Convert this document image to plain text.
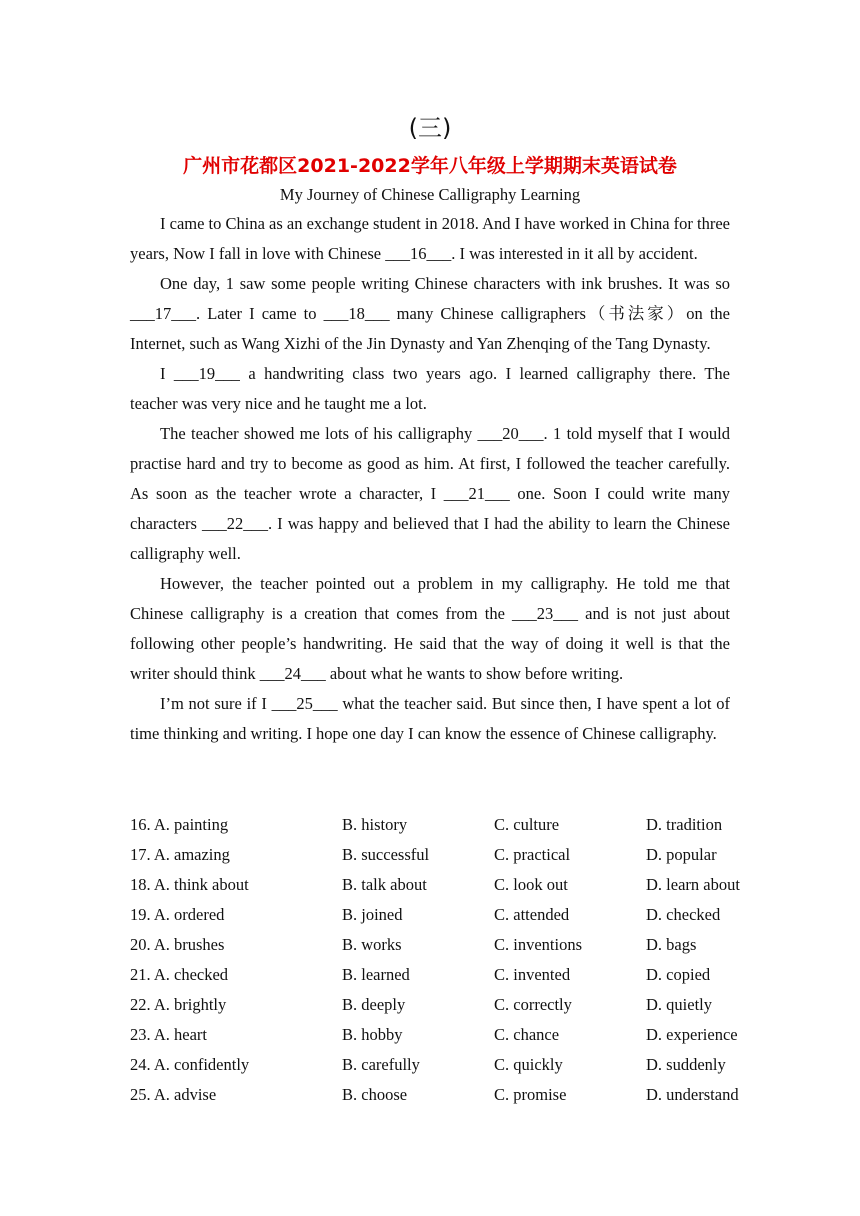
(三)
广州市花都区2021-2022学年八年级上学期期末英语试卷
My Journey of Chinese Calligraphy Learning

I came to China as an exchange student in 2018. And I have worked in China for three years, Now I fall in love with Chinese ___16___. I was interested in it all by accident.

One day, 1 saw some people writing Chinese characters with ink brushes. It was so ___17___. Later I came to ___18___ many Chinese calligraphers（书法家）on the Internet, such as Wang Xizhi of the Jin Dynasty and Yan Zhenqing of the Tang Dynasty.

I ___19___ a handwriting class two years ago. I learned calligraphy there. The teacher was very nice and he taught me a lot.

The teacher showed me lots of his calligraphy ___20___. 1 told myself that I would practise hard and try to become as good as him. At first, I followed the teacher carefully. As soon as the teacher wrote a character, I ___21___ one. Soon I could write many characters ___22___. I was happy and believed that I had the ability to learn the Chinese calligraphy well.

However, the teacher pointed out a problem in my calligraphy. He told me that Chinese calligraphy is a creation that comes from the ___23___ and is not just about following other people’s handwriting. He said that the way of doing it well is that the writer should think ___24___ about what he wants to show before writing.

I’m not sure if I ___25___ what the teacher said. But since then, I have spent a lot of time thinking and writing. I hope one day I can know the essence of Chinese calligraphy.

16. A. painting	B. history	C. culture	D. tradition
17. A. amazing	B. successful	C. practical	D. popular
18. A. think about	B. talk about	C. look out	D. learn about
19. A. ordered	B. joined	C. attended	D. checked
20. A. brushes	B. works	C. inventions	D. bags
21. A. checked	B. learned	C. invented	D. copied
22. A. brightly	B. deeply	C. correctly	D. quietly
23. A. heart	B. hobby	C. chance	D. experience
24. A. confidently	B. carefully	C. quickly	D. suddenly
25. A. advise	B. choose	C. promise	D. understand
